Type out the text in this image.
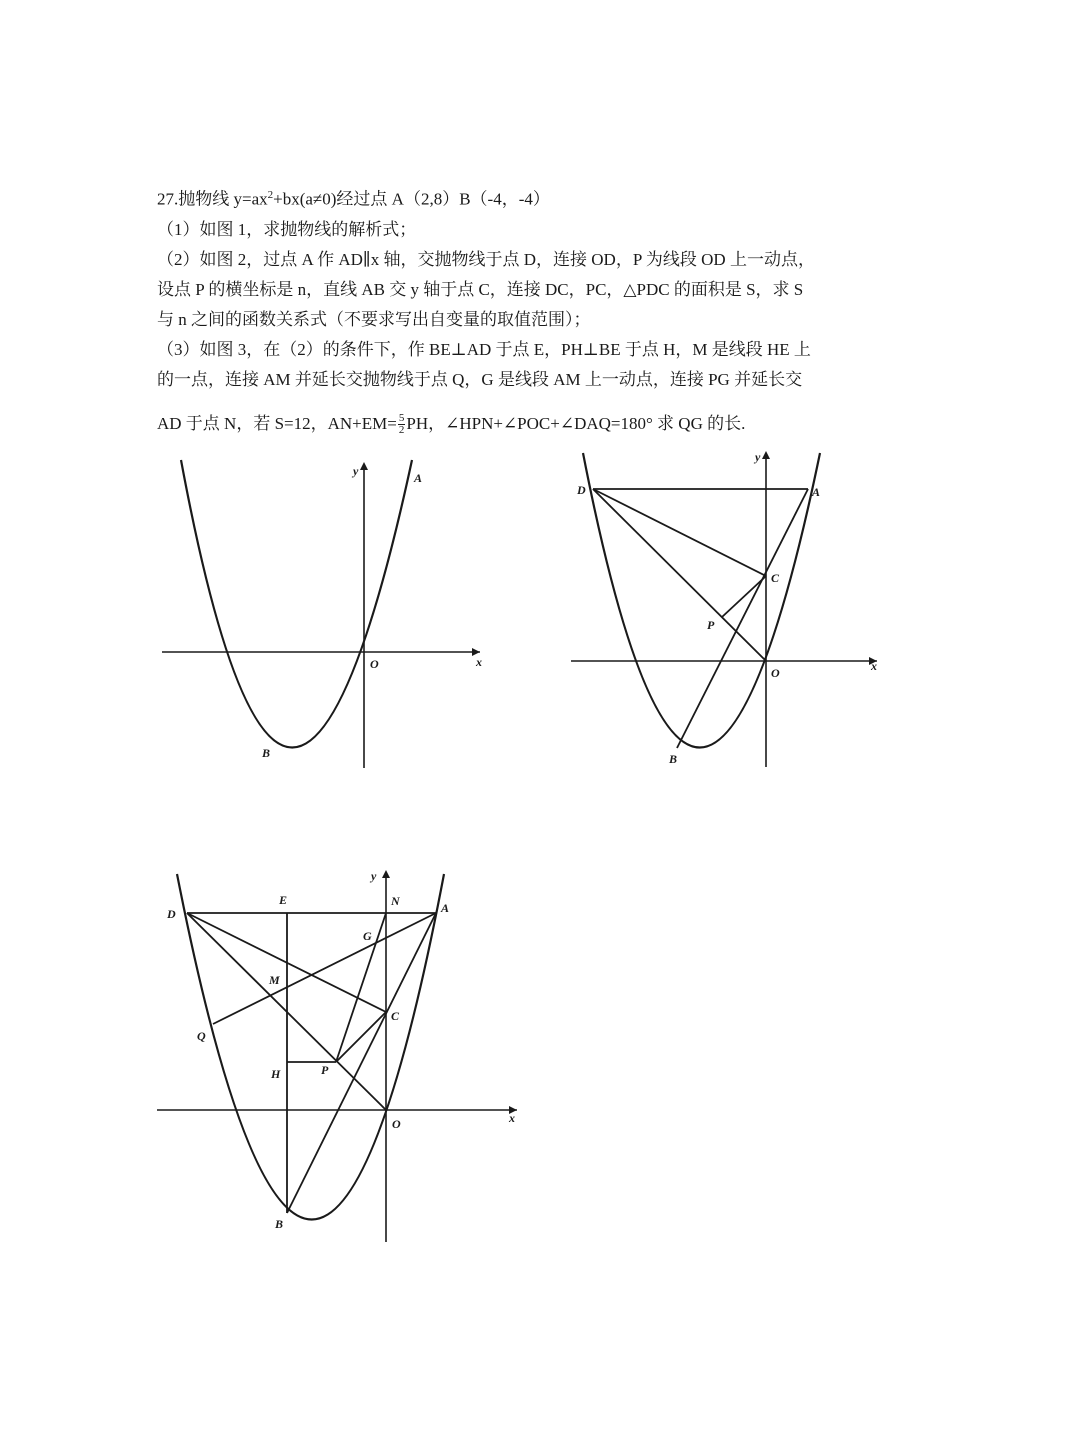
27.抛物线 $y=ax^2+bx(a\ne 0)$经过点 A（2,8）B（-4，-4）
（1）如图 1，求抛物线的解析式；
（2）如图 2，过点 A 作 AD∥x 轴，交抛物线于点 D，连接 OD，P 为线段 OD 上一动点，
设点 P 的横坐标是 n，直线 AB 交 y 轴于点 C，连接 DC，PC，△PDC 的面积是 S，求 S
与 n 之间的函数关系式（不要求写出自变量的取值范围）；
（3）如图 3，在（2）的条件下，作 BE⊥AD 于点 E，PH⊥BE 于点 H，M 是线段 HE 上
的一点，连接 AM 并延长交抛物线于点 Q，G 是线段 AM 上一动点，连接 PG 并延长交
AD 于点 N，若 S=12，$AN+EM= \frac{5}{2}$ PH，∠HPN+∠POC+∠DAQ=180° 求 QG 的长.
x
y
O
A
B
x
y
O
A
B
C
D
P
x
y
O
A
B
C
D
E
G
H
M
N
P
Q
